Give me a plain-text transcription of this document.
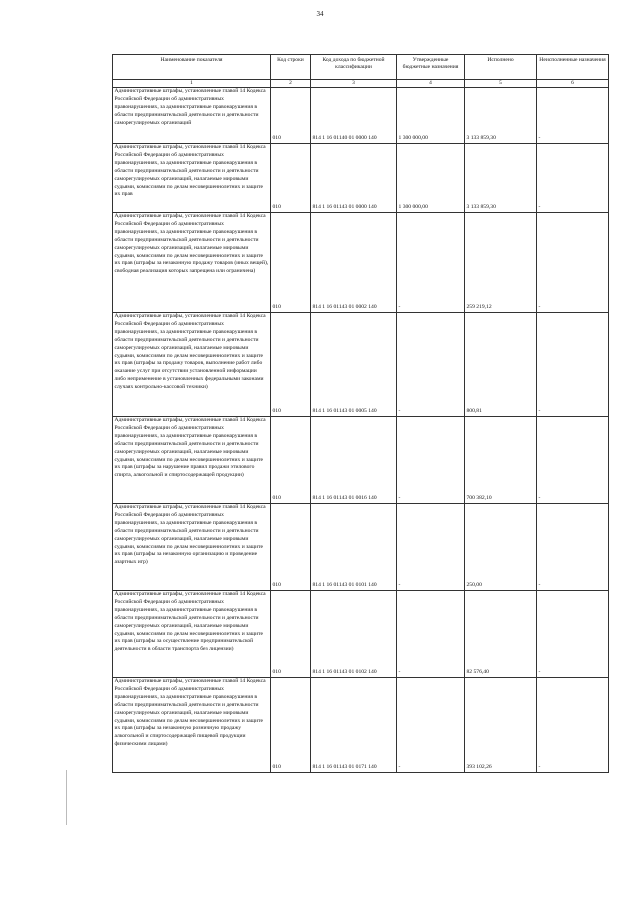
34
Наименование показателя	Код строки	Код дохода по бюджетной классификации	Утвержденные бюджетные назначения	Исполнено	Неисполненные назначения
1	2	3	4	5	6
Административные штрафы, установленные главой 14 Кодекса Российской Федерации об административных правонарушениях, за административные правонарушения в области предпринимательской деятельности и деятельности саморегулируемых организаций	010	814 1 16 01140 01 0000 140	1 300 000,00	3 133 859,30	-
Административные штрафы, установленные главой 14 Кодекса Российской Федерации об административных правонарушениях, за административные правонарушения в области предпринимательской деятельности и деятельности саморегулируемых организаций, налагаемые мировыми судьями, комиссиями по делам несовершеннолетних и защите их прав	010	814 1 16 01143 01 0000 140	1 300 000,00	3 133 859,30	-
Административные штрафы, установленные главой 14 Кодекса Российской Федерации об административных правонарушениях, за административные правонарушения в области предпринимательской деятельности и деятельности саморегулируемых организаций, налагаемые мировыми судьями, комиссиями по делам несовершеннолетних и защите их прав (штрафы за незаконную продажу товаров (иных вещей), свободная реализация которых запрещена или ограничена)	010	814 1 16 01143 01 0002 140	-	259 219,12	-
Административные штрафы, установленные главой 14 Кодекса Российской Федерации об административных правонарушениях, за административные правонарушения в области предпринимательской деятельности и деятельности саморегулируемых организаций, налагаемые мировыми судьями, комиссиями по делам несовершеннолетних и защите их прав (штрафы за продажу товаров, выполнение работ либо оказание услуг при отсутствии установленной информации либо неприменение в установленных федеральными законами случаях контрольно-кассовой техники)	010	814 1 16 01143 01 0005 140	-	800,81	-
Административные штрафы, установленные главой 14 Кодекса Российской Федерации об административных правонарушениях, за административные правонарушения в области предпринимательской деятельности и деятельности саморегулируемых организаций, налагаемые мировыми судьями, комиссиями по делам несовершеннолетних и защите их прав (штрафы за нарушение правил продажи этилового спирта, алкогольной и спиртосодержащей продукции)	010	814 1 16 01143 01 0016 140	-	700 382,10	-
Административные штрафы, установленные главой 14 Кодекса Российской Федерации об административных правонарушениях, за административные правонарушения в области предпринимательской деятельности и деятельности саморегулируемых организаций, налагаемые мировыми судьями, комиссиями по делам несовершеннолетних и защите их прав (штрафы за незаконную организацию и проведение азартных игр)	010	814 1 16 01143 01 0101 140	-	250,00	-
Административные штрафы, установленные главой 14 Кодекса Российской Федерации об административных правонарушениях, за административные правонарушения в области предпринимательской деятельности и деятельности саморегулируемых организаций, налагаемые мировыми судьями, комиссиями по делам несовершеннолетних и защите их прав (штрафы за осуществление предпринимательской деятельности в области транспорта без лицензии)	010	814 1 16 01143 01 0102 140	-	82 576,40	-
Административные штрафы, установленные главой 14 Кодекса Российской Федерации об административных правонарушениях, за административные правонарушения в области предпринимательской деятельности и деятельности саморегулируемых организаций, налагаемые мировыми судьями, комиссиями по делам несовершеннолетних и защите их прав (штрафы за незаконную розничную продажу алкогольной и спиртосодержащей пищевой продукции физическими лицами)	010	814 1 16 01143 01 0171 140	-	393 102,26	-
